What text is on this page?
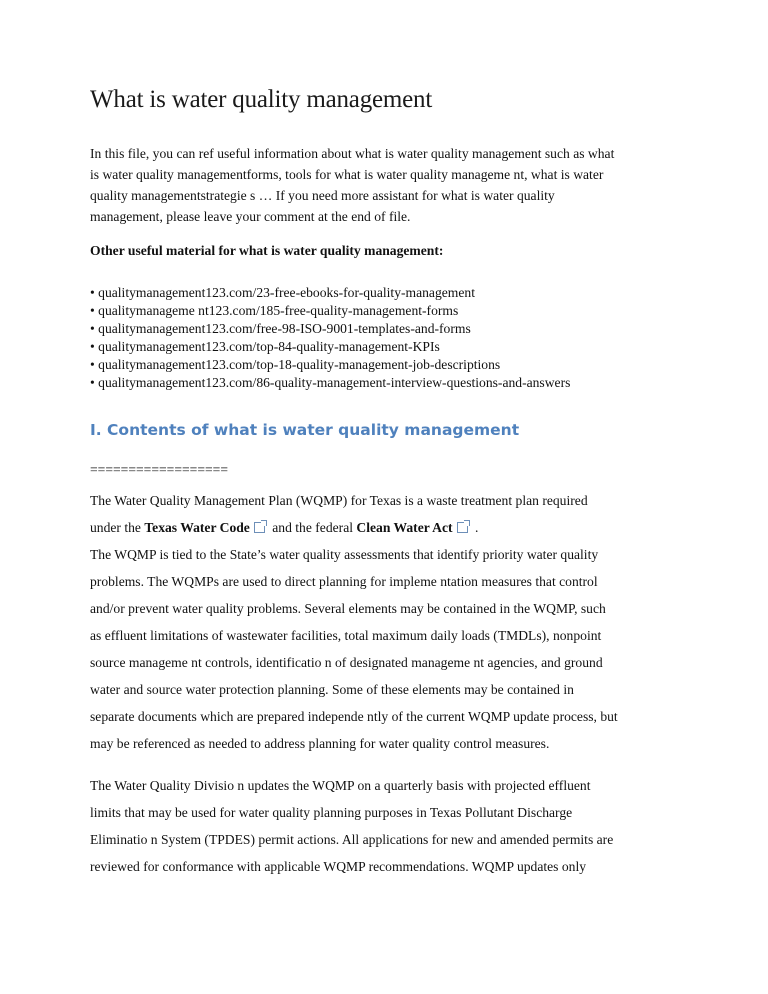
What is water quality management
In this file, you can ref useful information about what is water quality management such as what
is water quality managementforms, tools for what is water quality manageme nt, what is water
quality managementstrategie s … If you need more assistant for what is water quality
management, please leave your comment at the end of file.
Other useful material for what is water quality management:
• qualitymanagement123.com/23-free-ebooks-for-quality-management
• qualitymanageme nt123.com/185-free-quality-management-forms
• qualitymanagement123.com/free-98-ISO-9001-templates-and-forms
• qualitymanagement123.com/top-84-quality-management-KPIs
• qualitymanagement123.com/top-18-quality-management-job-descriptions
• qualitymanagement123.com/86-quality-management-interview-questions-and-answers
I. Contents of what is water quality management
==================
The Water Quality Management Plan (WQMP) for Texas is a waste treatment plan required
under the Texas Water Code and the federal Clean Water Act .
The WQMP is tied to the State’s water quality assessments that identify priority water quality
problems. The WQMPs are used to direct planning for impleme ntation measures that control
and/or prevent water quality problems. Several elements may be contained in the WQMP, such
as effluent limitations of wastewater facilities, total maximum daily loads (TMDLs), nonpoint
source manageme nt controls, identificatio n of designated manageme nt agencies, and ground
water and source water protection planning. Some of these elements may be contained in
separate documents which are prepared independe ntly of the current WQMP update process, but
may be referenced as needed to address planning for water quality control measures.
The Water Quality Divisio n updates the WQMP on a quarterly basis with projected effluent
limits that may be used for water quality planning purposes in Texas Pollutant Discharge
Eliminatio n System (TPDES) permit actions. All applications for new and amended permits are
reviewed for conformance with applicable WQMP recommendations. WQMP updates only
